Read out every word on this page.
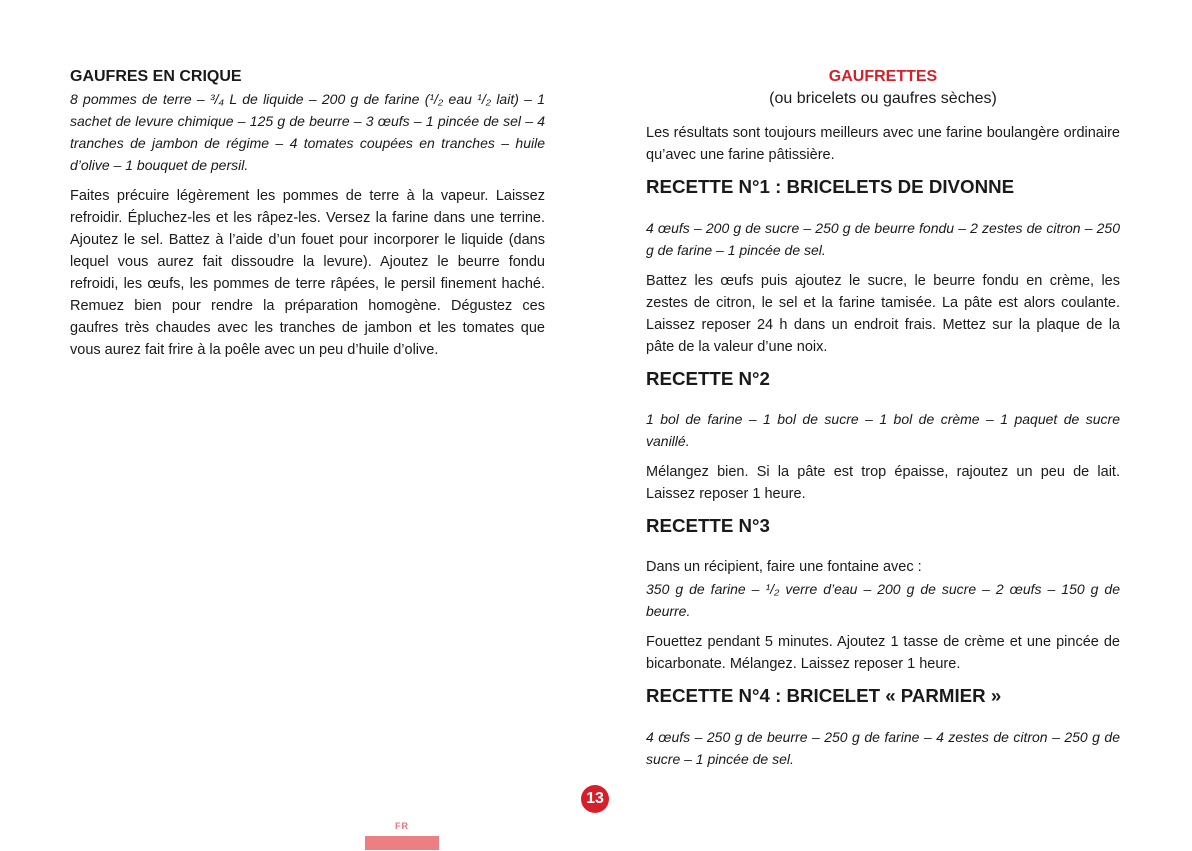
GAUFRES EN CRIQUE

8 pommes de terre – ³/₄ L de liquide – 200 g de farine (¹/₂ eau ¹/₂ lait) – 1 sachet de levure chimique – 125 g de beurre – 3 œufs – 1 pincée de sel – 4 tranches de jambon de régime – 4 tomates coupées en tranches – huile d’olive – 1 bouquet de persil.

Faites précuire légèrement les pommes de terre à la vapeur. Laissez refroidir. Épluchez-les et les râpez-les. Versez la farine dans une terrine. Ajoutez le sel. Battez à l’aide d’un fouet pour incorporer le liquide (dans lequel vous aurez fait dissoudre la levure). Ajoutez le beurre fondu refroidi, les œufs, les pommes de terre râpées, le persil finement haché. Remuez bien pour rendre la préparation homogène. Dégustez ces gaufres très chaudes avec les tranches de jambon et les tomates que vous aurez fait frire à la poêle avec un peu d’huile d’olive.

GAUFRETTES

(ou bricelets ou gaufres sèches)

Les résultats sont toujours meilleurs avec une farine boulangère ordinaire qu’avec une farine pâtissière.

RECETTE N°1 : BRICELETS DE DIVONNE

4 œufs – 200 g de sucre – 250 g de beurre fondu – 2 zestes de citron – 250 g de farine – 1 pincée de sel.

Battez les œufs puis ajoutez le sucre, le beurre fondu en crème, les zestes de citron, le sel et la farine tamisée. La pâte est alors coulante. Laissez reposer 24 h dans un endroit frais. Mettez sur la plaque de la pâte de la valeur d’une noix.

RECETTE N°2

1 bol de farine – 1 bol de sucre – 1 bol de crème – 1 paquet de sucre vanillé.

Mélangez bien. Si la pâte est trop épaisse, rajoutez un peu de lait. Laissez reposer 1 heure.

RECETTE N°3

Dans un récipient, faire une fontaine avec :

350 g de farine – ¹/₂ verre d’eau – 200 g de sucre – 2 œufs – 150 g de beurre.

Fouettez pendant 5 minutes. Ajoutez 1 tasse de crème et une pincée de bicarbonate. Mélangez. Laissez reposer 1 heure.

RECETTE N°4 : BRICELET « PARMIER »

4 œufs – 250 g de beurre – 250 g de farine – 4 zestes de citron – 250 g de sucre – 1 pincée de sel.

13
FR
